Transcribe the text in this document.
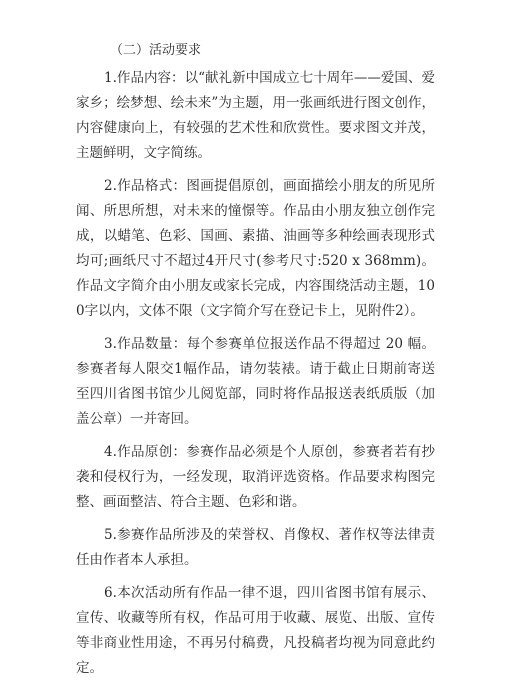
（二）活动要求

1.作品内容：以“献礼新中国成立七十周年——爱国、爱家乡；绘梦想、绘未来”为主题，用一张画纸进行图文创作，内容健康向上，有较强的艺术性和欣赏性。要求图文并茂，主题鲜明，文字简练。

2.作品格式：图画提倡原创，画面描绘小朋友的所见所闻、所思所想，对未来的憧憬等。作品由小朋友独立创作完成，以蜡笔、色彩、国画、素描、油画等多种绘画表现形式均可;画纸尺寸不超过4开尺寸(参考尺寸:520 x 368mm)。作品文字简介由小朋友或家长完成，内容围绕活动主题，100字以内，文体不限（文字简介写在登记卡上，见附件2）。

3.作品数量：每个参赛单位报送作品不得超过 20 幅。参赛者每人限交1幅作品，请勿装裱。请于截止日期前寄送至四川省图书馆少儿阅览部，同时将作品报送表纸质版（加盖公章）一并寄回。

4.作品原创：参赛作品必须是个人原创，参赛者若有抄袭和侵权行为，一经发现，取消评选资格。作品要求构图完整、画面整洁、符合主题、色彩和谐。

5.参赛作品所涉及的荣誉权、肖像权、著作权等法律责任由作者本人承担。

6.本次活动所有作品一律不退，四川省图书馆有展示、宣传、收藏等所有权，作品可用于收藏、展览、出版、宣传等非商业性用途，不再另付稿费，凡投稿者均视为同意此约定。
